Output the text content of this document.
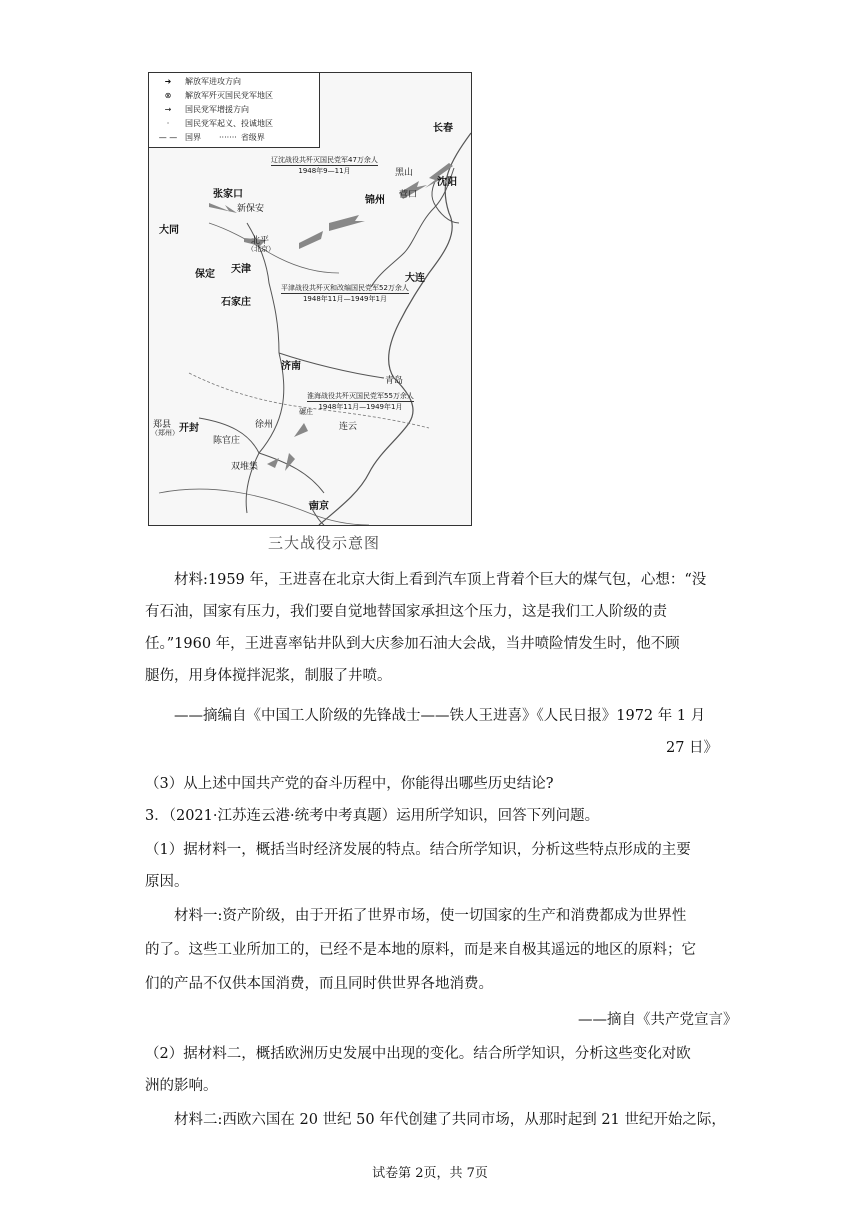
➜	解放军进攻方向
⊗	解放军歼灭国民党军地区
→	国民党军增援方向
·	国民党军起义、投诚地区
— — 国界 ······· 省级界
辽沈战役共歼灭国民党军47万余人
1948年9—11月
平津战役共歼灭和改编国民党军52万余人
1948年11月—1949年1月
淮海战役共歼灭国民党军55万余人
1948年11月—1949年1月
长春
沈阳
黑山
锦州 营口
张家口
新保安
大同
北平
（北京）
天津
保定	大连
石家庄
济南
青岛
郑县
（郑州） 开封
碾庄
徐州	连云
陈官庄
双堆集
南京
三大战役示意图
材料:1959 年，王进喜在北京大街上看到汽车顶上背着个巨大的煤气包，心想：“没
有石油，国家有压力，我们要自觉地替国家承担这个压力，这是我们工人阶级的责
任。”1960 年，王进喜率钻井队到大庆参加石油大会战，当井喷险情发生时，他不顾
腿伤，用身体搅拌泥浆，制服了井喷。
——摘编自《中国工人阶级的先锋战士——铁人王进喜》《人民日报》1972 年 1 月
27 日》
（3）从上述中国共产党的奋斗历程中，你能得出哪些历史结论?
3．（2021·江苏连云港·统考中考真题）运用所学知识，回答下列问题。
（1）据材料一，概括当时经济发展的特点。结合所学知识，分析这些特点形成的主要
原因。
材料一:资产阶级，由于开拓了世界市场，使一切国家的生产和消费都成为世界性
的了。这些工业所加工的，已经不是本地的原料，而是来自极其遥远的地区的原料；它
们的产品不仅供本国消费，而且同时供世界各地消费。
——摘自《共产党宣言》
（2）据材料二，概括欧洲历史发展中出现的变化。结合所学知识，分析这些变化对欧
洲的影响。
材料二:西欧六国在 20 世纪 50 年代创建了共同市场，从那时起到 21 世纪开始之际，
试卷第 2页，共 7页
